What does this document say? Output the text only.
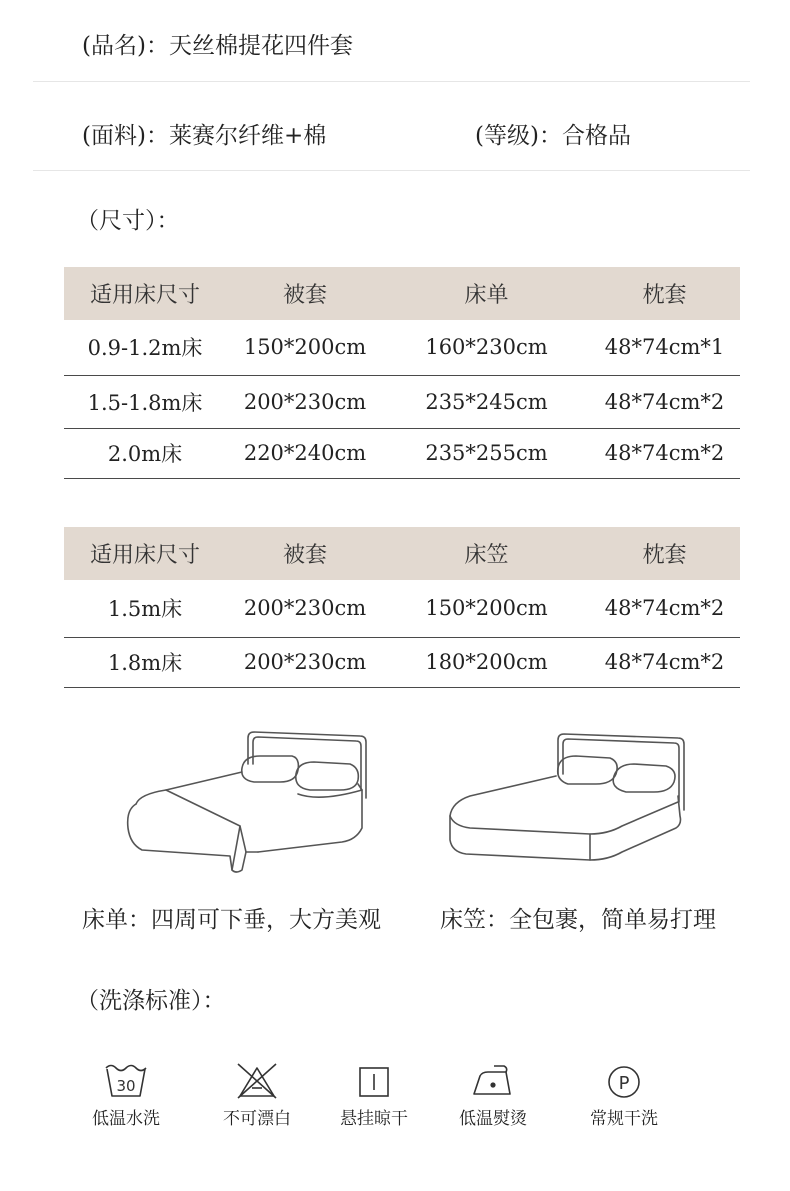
(品名)：天丝棉提花四件套
(面料)：莱赛尔纤维+棉	(等级)：合格品
（尺寸）：
适用床尺寸	被套	床单	枕套
0.9-1.2m床	150*200cm	160*230cm	48*74cm*1
1.5-1.8m床	200*230cm	235*245cm	48*74cm*2
2.0m床	220*240cm	235*255cm	48*74cm*2
适用床尺寸	被套	床笠	枕套
1.5m床	200*230cm	150*200cm	48*74cm*2
1.8m床	200*230cm	180*200cm	48*74cm*2
床单：四周可下垂，大方美观	床笠：全包裹，简单易打理
（洗涤标准）：
30
低温水洗	不可漂白	悬挂晾干	低温熨烫
P
常规干洗
